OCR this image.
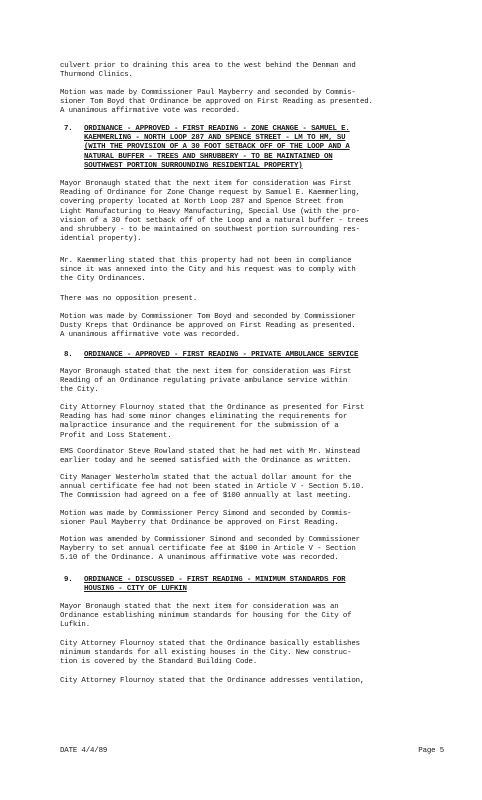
culvert prior to draining this area to the west behind the Denman and

Thurmond Clinics.

Motion was made by Commissioner Paul Mayberry and seconded by Commis-

sioner Tom Boyd that Ordinance be approved on First Reading as presented.

A unanimous affirmative vote was recorded.

7. ORDINANCE - APPROVED - FIRST READING - ZONE CHANGE - SAMUEL E.
KAEMMERLING - NORTH LOOP 287 AND SPENCE STREET - LM TO HM, SU
(WITH THE PROVISION OF A 30 FOOT SETBACK OFF OF THE LOOP AND A
NATURAL BUFFER - TREES AND SHRUBBERY - TO BE MAINTAINED ON
SOUTHWEST PORTION SURROUNDING RESIDENTIAL PROPERTY)

Mayor Bronaugh stated that the next item for consideration was First

Reading of Ordinance for Zone Change request by Samuel E. Kaemmerling,

covering property located at North Loop 287 and Spence Street from

Light Manufacturing to Heavy Manufacturing, Special Use (with the pro-

vision of a 30 foot setback off of the Loop and a natural buffer - trees

and shrubbery - to be maintained on southwest portion surrounding res-

idential property).

Mr. Kaemmerling stated that this property had not been in compliance

since it was annexed into the City and his request was to comply with

the City Ordinances.

There was no opposition present.

Motion was made by Commissioner Tom Boyd and seconded by Commissioner

Dusty Kreps that Ordinance be approved on First Reading as presented.

A unanimous affirmative vote was recorded.

8. ORDINANCE - APPROVED - FIRST READING - PRIVATE AMBULANCE SERVICE

Mayor Bronaugh stated that the next item for consideration was First

Reading of an Ordinance regulating private ambulance service within

the City.

City Attorney Flournoy stated that the Ordinance as presented for First

Reading has had some minor changes eliminating the requirements for

malpractice insurance and the requirement for the submission of a

Profit and Loss Statement.

EMS Coordinator Steve Rowland stated that he had met with Mr. Winstead

earlier today and he seemed satisfied with the Ordinance as written.

City Manager Westerholm stated that the actual dollar amount for the

annual certificate fee had not been stated in Article V - Section 5.10.

The Commission had agreed on a fee of $100 annually at last meeting.

Motion was made by Commissioner Percy Simond and seconded by Commis-

sioner Paul Mayberry that Ordinance be approved on First Reading.

Motion was amended by Commissioner Simond and seconded by Commissioner

Mayberry to set annual certificate fee at $100 in Article V - Section

5.10 of the Ordinance. A unanimous affirmative vote was recorded.

9. ORDINANCE - DISCUSSED - FIRST READING - MINIMUM STANDARDS FOR
HOUSING - CITY OF LUFKIN

Mayor Bronaugh stated that the next item for consideration was an

Ordinance establishing minimum standards for housing for the City of

Lufkin.

City Attorney Flournoy stated that the Ordinance basically establishes

minimum standards for all existing houses in the City. New construc-

tion is covered by the Standard Building Code.

City Attorney Flournoy stated that the Ordinance addresses ventilation,

DATE 4/4/89	Page 5
